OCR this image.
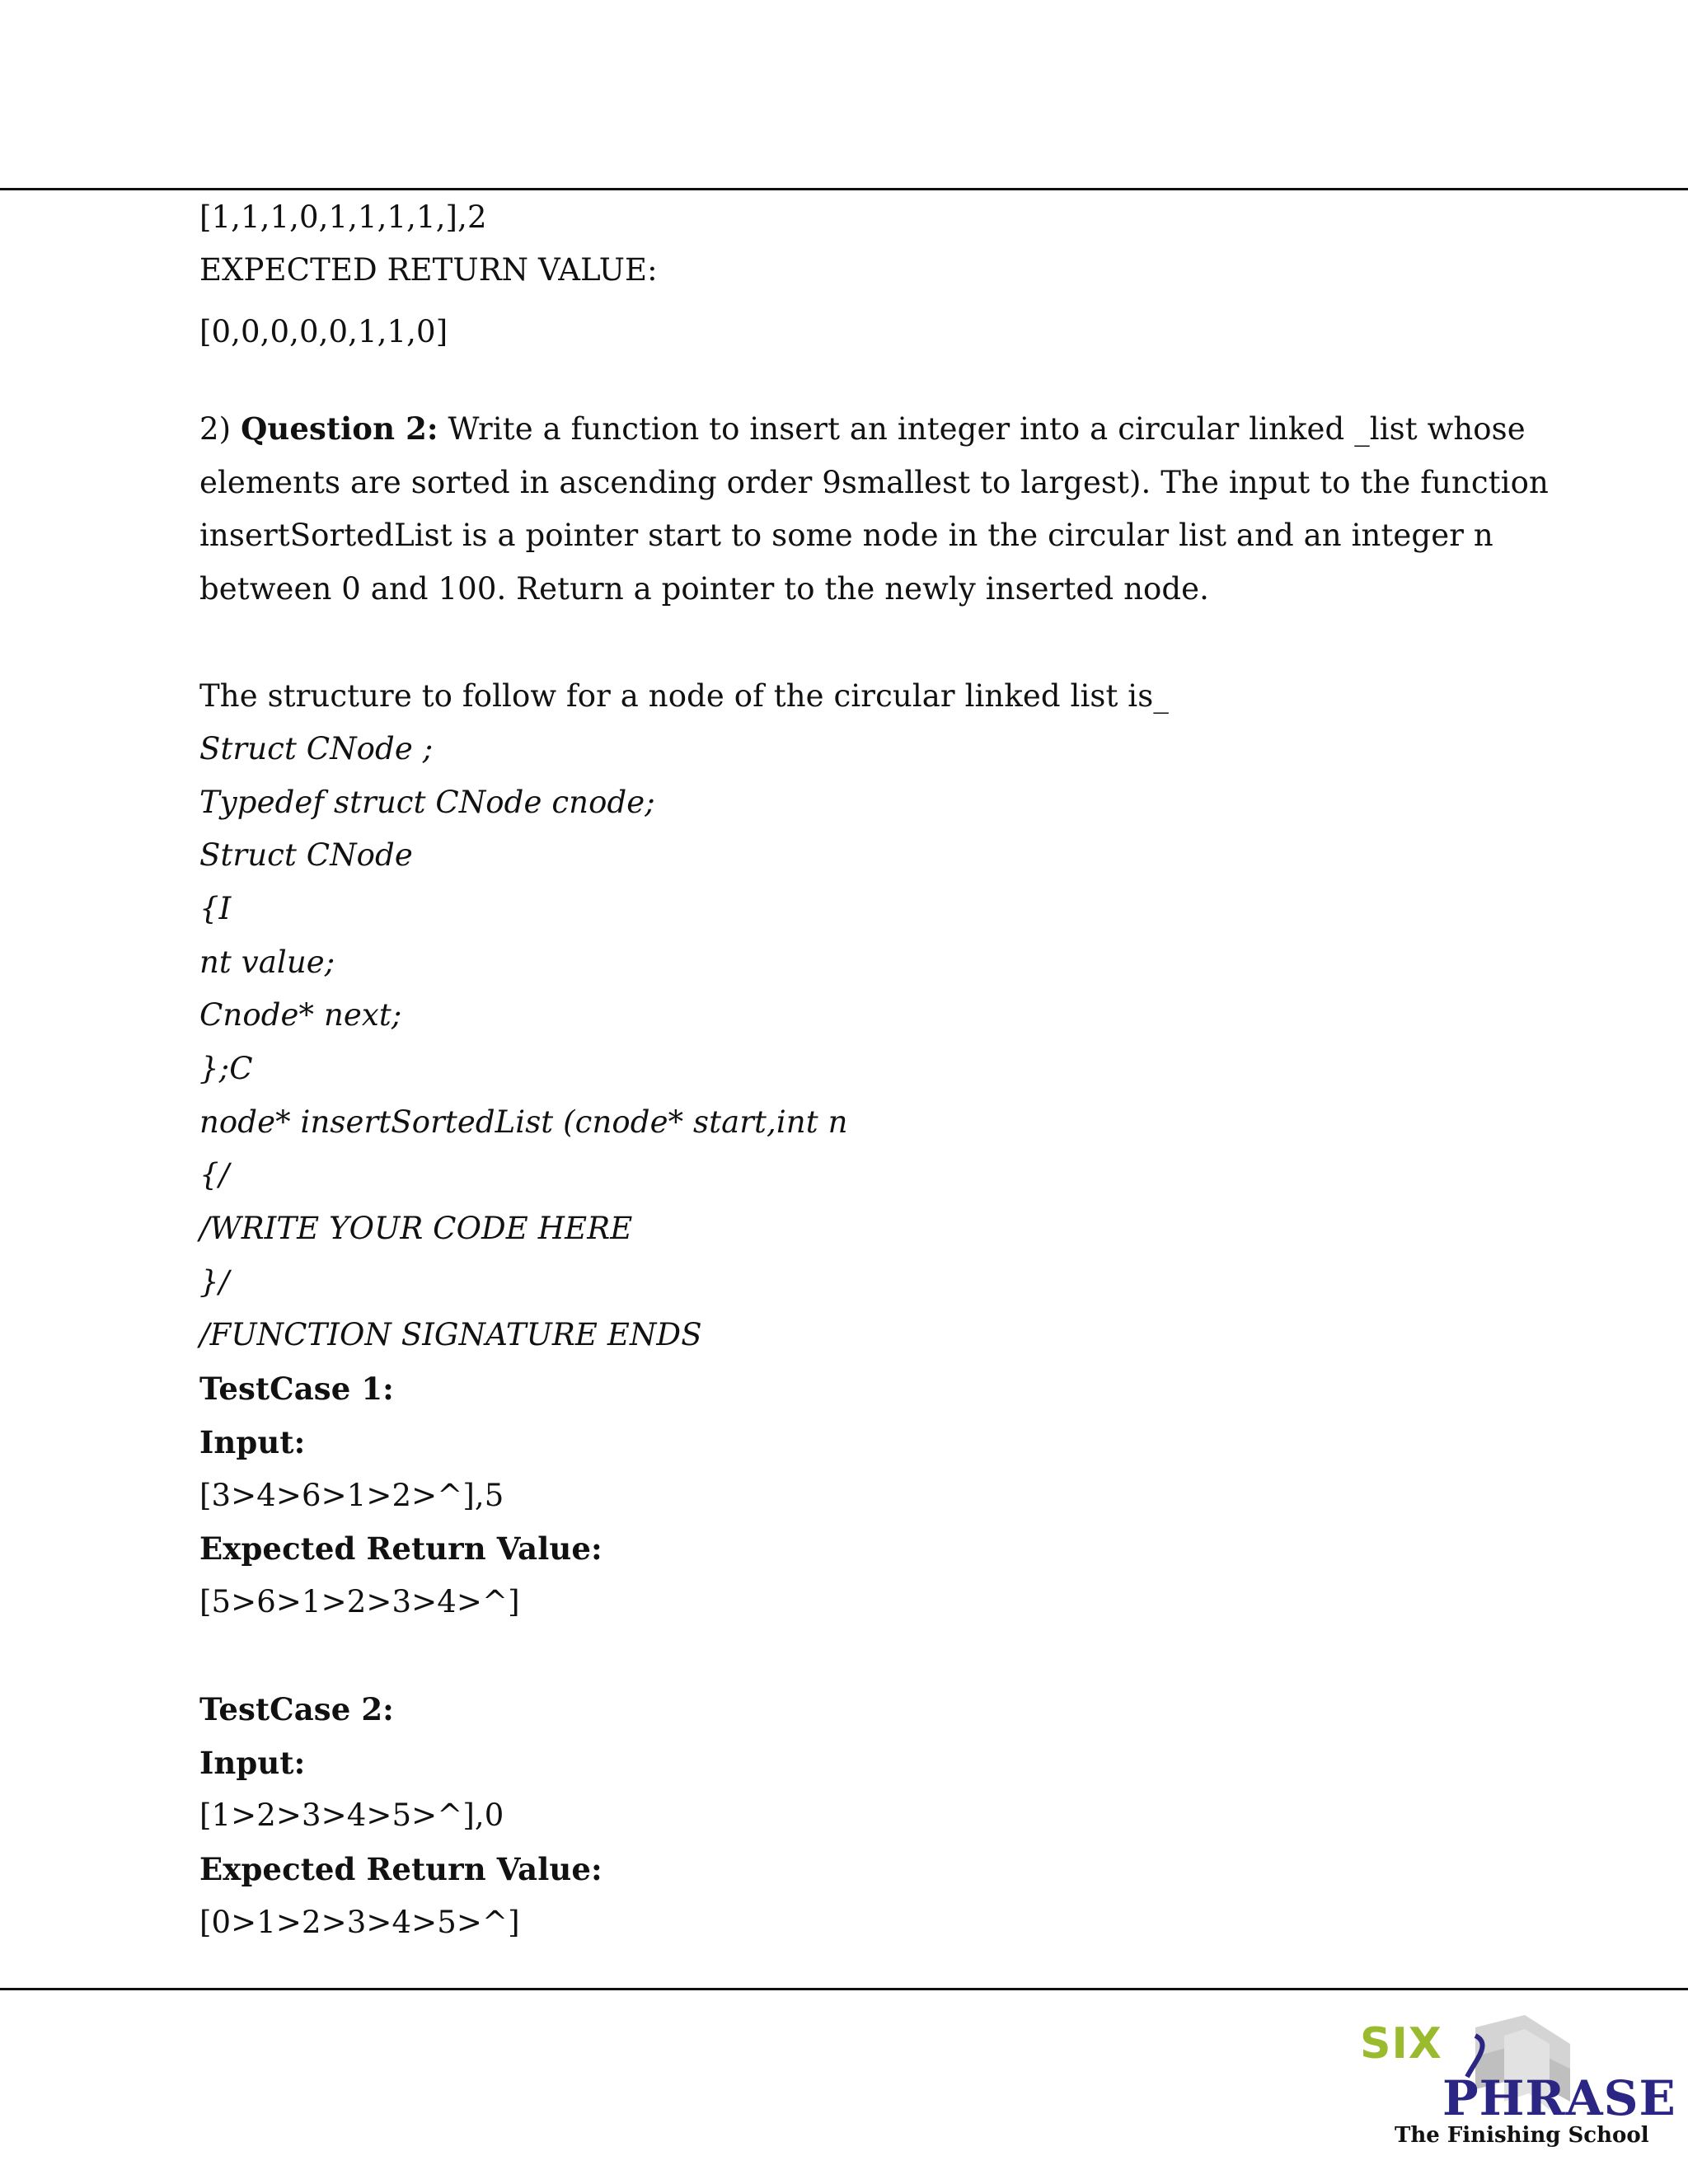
[1,1,1,0,1,1,1,1,],2
EXPECTED RETURN VALUE:
[0,0,0,0,0,1,1,0]
2) Question 2: Write a function to insert an integer into a circular linked _list whose
elements are sorted in ascending order 9smallest to largest). The input to the function
insertSortedList is a pointer start to some node in the circular list and an integer n
between 0 and 100. Return a pointer to the newly inserted node.
The structure to follow for a node of the circular linked list is_
Struct CNode ;
Typedef struct CNode cnode;
Struct CNode
{I
nt value;
Cnode* next;
};C
node* insertSortedList (cnode* start,int n
{/
/WRITE YOUR CODE HERE
}/
/FUNCTION SIGNATURE ENDS
TestCase 1:
Input:
[3>4>6>1>2>^],5
Expected Return Value:
[5>6>1>2>3>4>^]
TestCase 2:
Input:
[1>2>3>4>5>^],0
Expected Return Value:
[0>1>2>3>4>5>^]
SIX
PHRASE
The Finishing School
